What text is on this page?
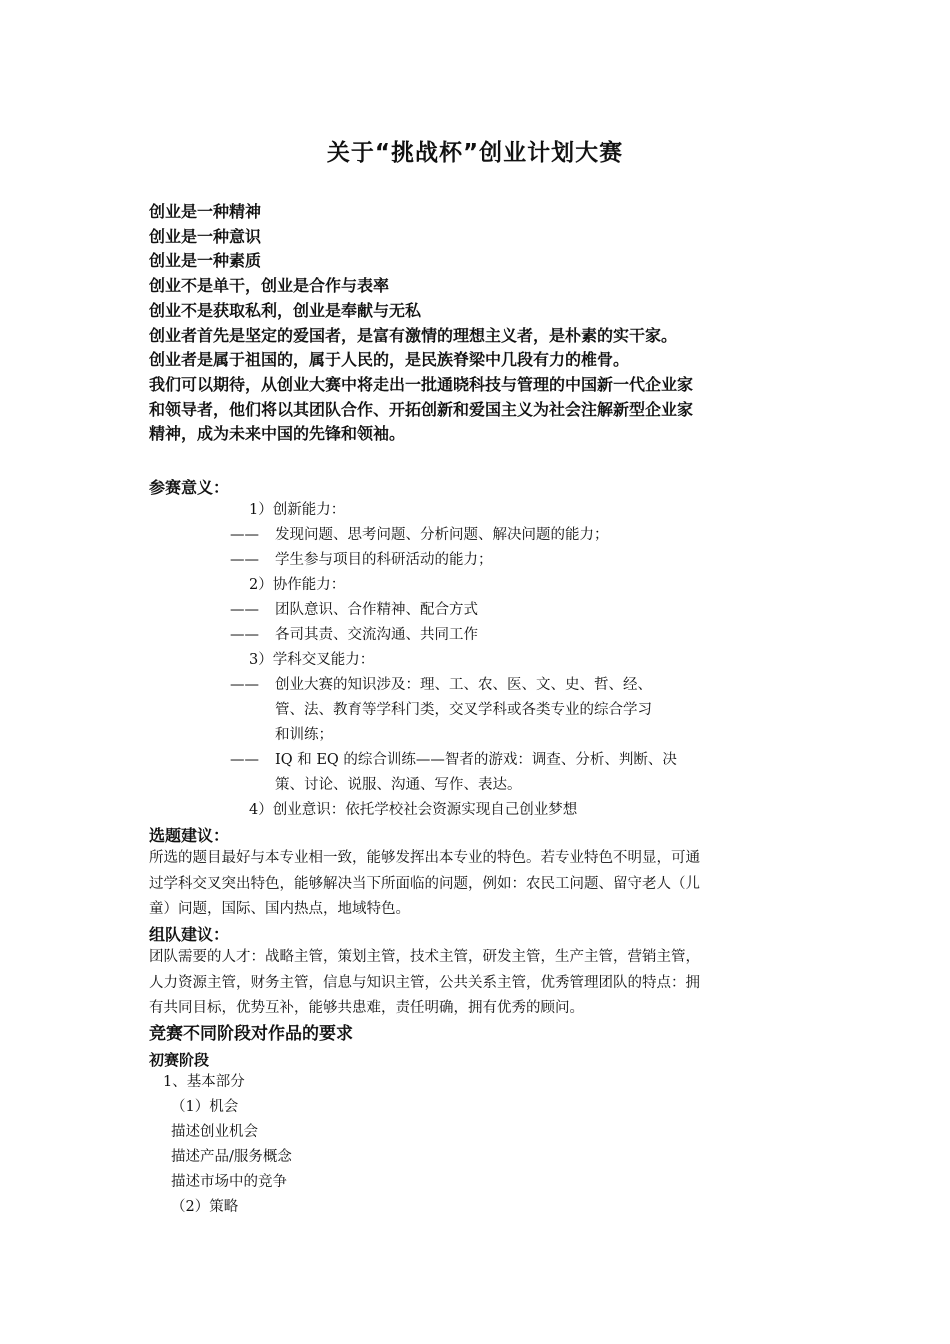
关于“挑战杯”创业计划大赛
创业是一种精神
创业是一种意识
创业是一种素质
创业不是单干，创业是合作与表率
创业不是获取私利，创业是奉献与无私
创业者首先是坚定的爱国者，是富有激情的理想主义者，是朴素的实干家。
创业者是属于祖国的，属于人民的，是民族脊梁中几段有力的椎骨。
我们可以期待，从创业大赛中将走出一批通晓科技与管理的中国新一代企业家
和领导者，他们将以其团队合作、开拓创新和爱国主义为社会注解新型企业家
精神，成为未来中国的先锋和领袖。
参赛意义：
1）创新能力：
—— 发现问题、思考问题、分析问题、解决问题的能力；
—— 学生参与项目的科研活动的能力；
2）协作能力：
—— 团队意识、合作精神、配合方式
—— 各司其责、交流沟通、共同工作
3）学科交叉能力：
—— 创业大赛的知识涉及：理、工、农、医、文、史、哲、经、
管、法、教育等学科门类，交叉学科或各类专业的综合学习
和训练；
—— IQ 和 EQ 的综合训练——智者的游戏：调查、分析、判断、决
策、讨论、说服、沟通、写作、表达。
4）创业意识：依托学校社会资源实现自己创业梦想
选题建议：
所选的题目最好与本专业相一致，能够发挥出本专业的特色。若专业特色不明显，可通
过学科交叉突出特色，能够解决当下所面临的问题，例如：农民工问题、留守老人（儿
童）问题，国际、国内热点，地域特色。
组队建议：
团队需要的人才：战略主管，策划主管，技术主管，研发主管，生产主管，营销主管，
人力资源主管，财务主管，信息与知识主管，公共关系主管，优秀管理团队的特点：拥
有共同目标，优势互补，能够共患难，责任明确，拥有优秀的顾问。
竞赛不同阶段对作品的要求
初赛阶段
1、基本部分
（1）机会
描述创业机会
描述产品/服务概念
描述市场中的竞争
（2）策略
